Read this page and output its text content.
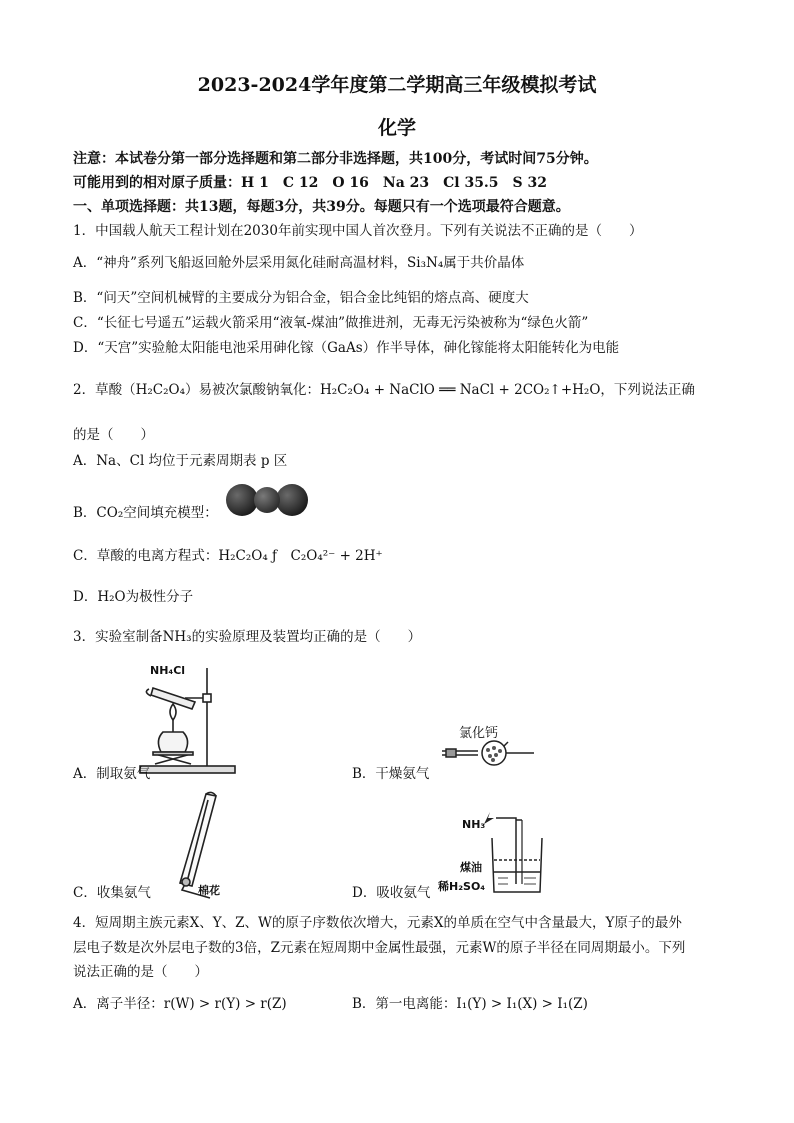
2023-2024学年度第二学期高三年级模拟考试
化学
注意：本试卷分第一部分选择题和第二部分非选择题，共100分，考试时间75分钟。
可能用到的相对原子质量：H 1　C 12　O 16　Na 23　Cl 35.5　S 32
一、单项选择题：共13题，每题3分，共39分。每题只有一个选项最符合题意。
1．中国载人航天工程计划在2030年前实现中国人首次登月。下列有关说法不正确的是（　　）
A．“神舟”系列飞船返回舱外层采用氮化硅耐高温材料，Si₃N₄属于共价晶体
B．“问天”空间机械臂的主要成分为铝合金，铝合金比纯铝的熔点高、硬度大
C．“长征七号遥五”运载火箭采用“液氧-煤油”做推进剂，无毒无污染被称为“绿色火箭”
D．“天宫”实验舱太阳能电池采用砷化镓（GaAs）作半导体，砷化镓能将太阳能转化为电能
2．草酸（H₂C₂O₄）易被次氯酸钠氧化：H₂C₂O₄ + NaClO ══ NaCl + 2CO₂↑+H₂O，下列说法正确
的是（　　）
A．Na、Cl 均位于元素周期表 p 区
B．CO₂空间填充模型：
C．草酸的电离方程式：H₂C₂O₄ ƒ　C₂O₄²⁻ + 2H⁺
D．H₂O为极性分子
3．实验室制备NH₃的实验原理及装置均正确的是（　　）
NH₄Cl
A．制取氨气
氯化钙
B．干燥氨气
棉花
C．收集氨气
NH₃
煤油
稀H₂SO₄
D．吸收氨气
4．短周期主族元素X、Y、Z、W的原子序数依次增大，元素X的单质在空气中含量最大，Y原子的最外
层电子数是次外层电子数的3倍，Z元素在短周期中金属性最强，元素W的原子半径在同周期最小。下列
说法正确的是（　　）
A．离子半径：r(W) > r(Y) > r(Z)	B．第一电离能：I₁(Y) > I₁(X) > I₁(Z)
